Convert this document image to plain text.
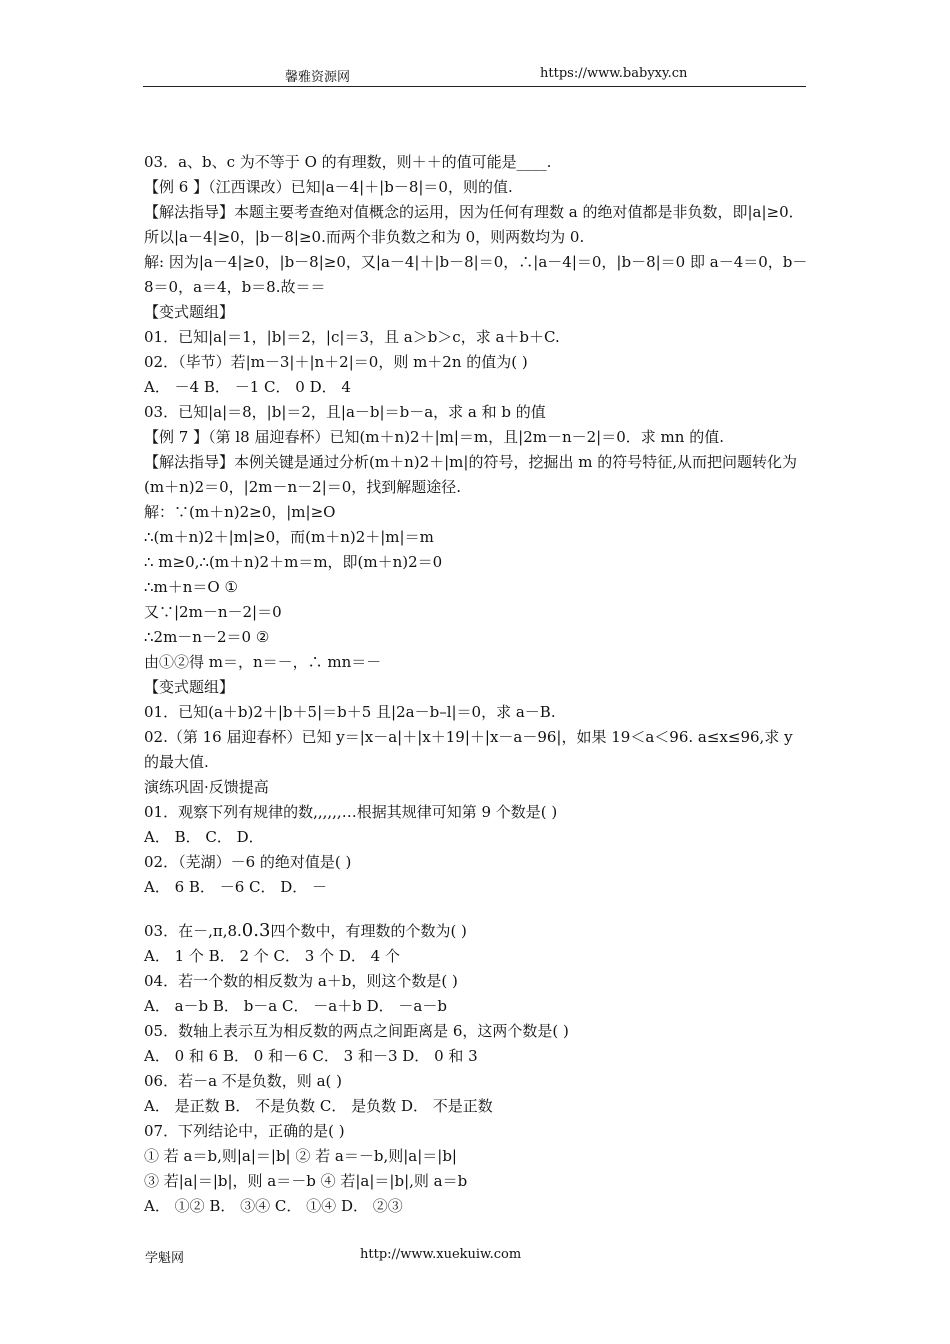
馨雅资源网	https://www.babyxy.cn
03．a、b、c 为不等于 O 的有理数，则＋＋的值可能是____.
【例 6 】（江西课改）已知|a－4|＋|b－8|＝0，则的值.
【解法指导】本题主要考查绝对值概念的运用，因为任何有理数 a 的绝对值都是非负数，即|a|≥0．所以|a－4|≥0，|b－8|≥0.而两个非负数之和为 0，则两数均为 0.
解: 因为|a－4|≥0，|b－8|≥0，又|a－4|＋|b－8|＝0，∴|a－4|＝0，|b－8|＝0 即 a－4＝0，b－8＝0，a＝4，b＝8.故＝＝
【变式题组】
01．已知|a|＝1，|b|＝2，|c|＝3，且 a＞b＞c，求 a＋b＋C.
02．（毕节）若|m－3|＋|n＋2|＝0，则 m＋2n 的值为( )
A． －4 B． －1 C． 0 D． 4
03．已知|a|＝8，|b|＝2，且|a－b|＝b－a，求 a 和 b 的值
【例 7 】（第 l8 届迎春杯）已知(m＋n)2＋|m|＝m，且|2m－n－2|＝0．求 mn 的值.
【解法指导】本例关键是通过分析(m＋n)2＋|m|的符号，挖掘出 m 的符号特征,从而把问题转化为(m＋n)2＝0，|2m－n－2|＝0，找到解题途径.
解：∵(m＋n)2≥0，|m|≥O
∴(m＋n)2＋|m|≥0，而(m＋n)2＋|m|＝m
∴ m≥0,∴(m＋n)2＋m＝m，即(m＋n)2＝0
∴m＋n＝O ①
又∵|2m－n－2|＝0
∴2m－n－2＝0 ②
由①②得 m＝，n＝－，∴ mn＝－
【变式题组】
01．已知(a＋b)2＋|b＋5|＝b＋5 且|2a－b–l|＝0，求 a－B.
02.（第 16 届迎春杯）已知 y＝|x－a|＋|x＋19|＋|x－a－96|，如果 19＜a＜96. a≤x≤96,求 y 的最大值.
演练巩固·反馈提高
01．观察下列有规律的数,,,,,,…根据其规律可知第 9 个数是( )
A． B． C． D．
02．（芜湖）－6 的绝对值是( )
A． 6 B． －6 C． D． －
03．在－,π,8.0.3四个数中，有理数的个数为( )
A． 1 个 B． 2 个 C． 3 个 D． 4 个
04．若一个数的相反数为 a＋b，则这个数是( )
A． a－b B． b－a C． －a＋b D． －a－b
05．数轴上表示互为相反数的两点之间距离是 6，这两个数是( )
A． 0 和 6 B． 0 和－6 C． 3 和－3 D． 0 和 3
06．若－a 不是负数，则 a( )
A． 是正数 B． 不是负数 C． 是负数 D． 不是正数
07．下列结论中，正确的是( )
① 若 a＝b,则|a|＝|b| ② 若 a＝－b,则|a|＝|b|
③ 若|a|＝|b|，则 a＝－b ④ 若|a|＝|b|,则 a＝b
A． ①② B． ③④ C． ①④ D． ②③
学魁网	http://www.xuekuiw.com
